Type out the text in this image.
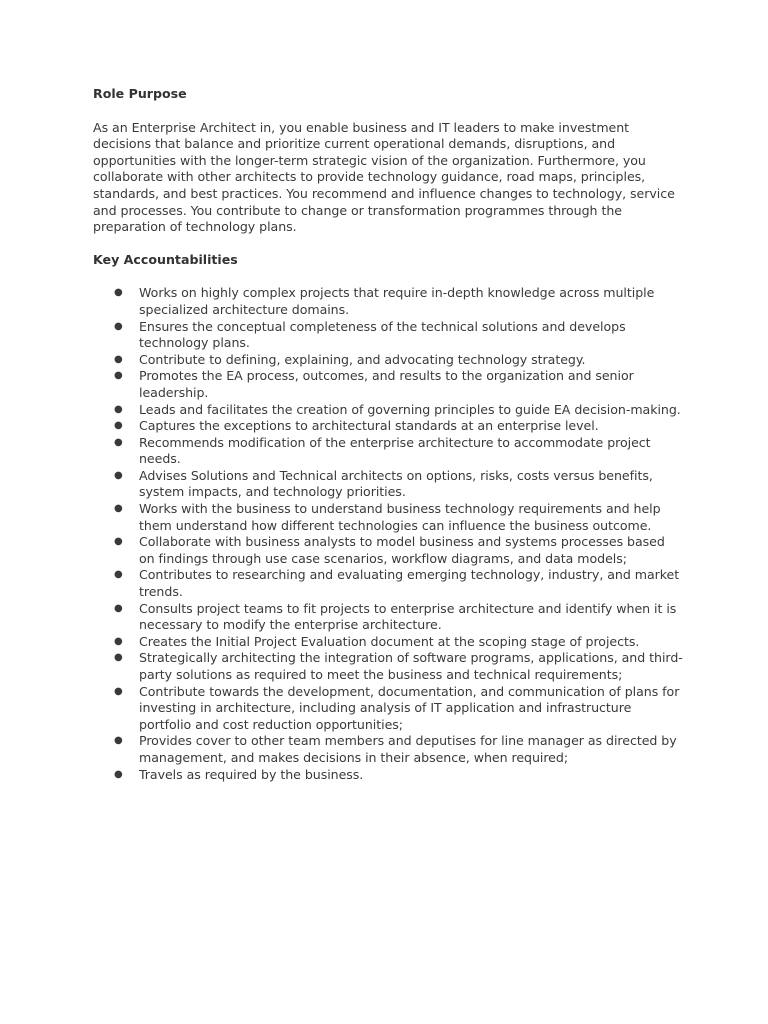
Role Purpose

As an Enterprise Architect in, you enable business and IT leaders to make investment decisions that balance and prioritize current operational demands, disruptions, and opportunities with the longer-term strategic vision of the organization. Furthermore, you collaborate with other architects to provide technology guidance, road maps, principles, standards, and best practices. You recommend and influence changes to technology, service and processes. You contribute to change or transformation programmes through the preparation of technology plans.

Key Accountabilities

● Works on highly complex projects that require in-depth knowledge across multiple specialized architecture domains.
● Ensures the conceptual completeness of the technical solutions and develops technology plans.
● Contribute to defining, explaining, and advocating technology strategy.
● Promotes the EA process, outcomes, and results to the organization and senior leadership.
● Leads and facilitates the creation of governing principles to guide EA decision-making.
● Captures the exceptions to architectural standards at an enterprise level.
● Recommends modification of the enterprise architecture to accommodate project needs.
● Advises Solutions and Technical architects on options, risks, costs versus benefits, system impacts, and technology priorities.
● Works with the business to understand business technology requirements and help them understand how different technologies can influence the business outcome.
● Collaborate with business analysts to model business and systems processes based on findings through use case scenarios, workflow diagrams, and data models;
● Contributes to researching and evaluating emerging technology, industry, and market trends.
● Consults project teams to fit projects to enterprise architecture and identify when it is necessary to modify the enterprise architecture.
● Creates the Initial Project Evaluation document at the scoping stage of projects.
● Strategically architecting the integration of software programs, applications, and third-party solutions as required to meet the business and technical requirements;
● Contribute towards the development, documentation, and communication of plans for investing in architecture, including analysis of IT application and infrastructure portfolio and cost reduction opportunities;
● Provides cover to other team members and deputises for line manager as directed by management, and makes decisions in their absence, when required;
● Travels as required by the business.
